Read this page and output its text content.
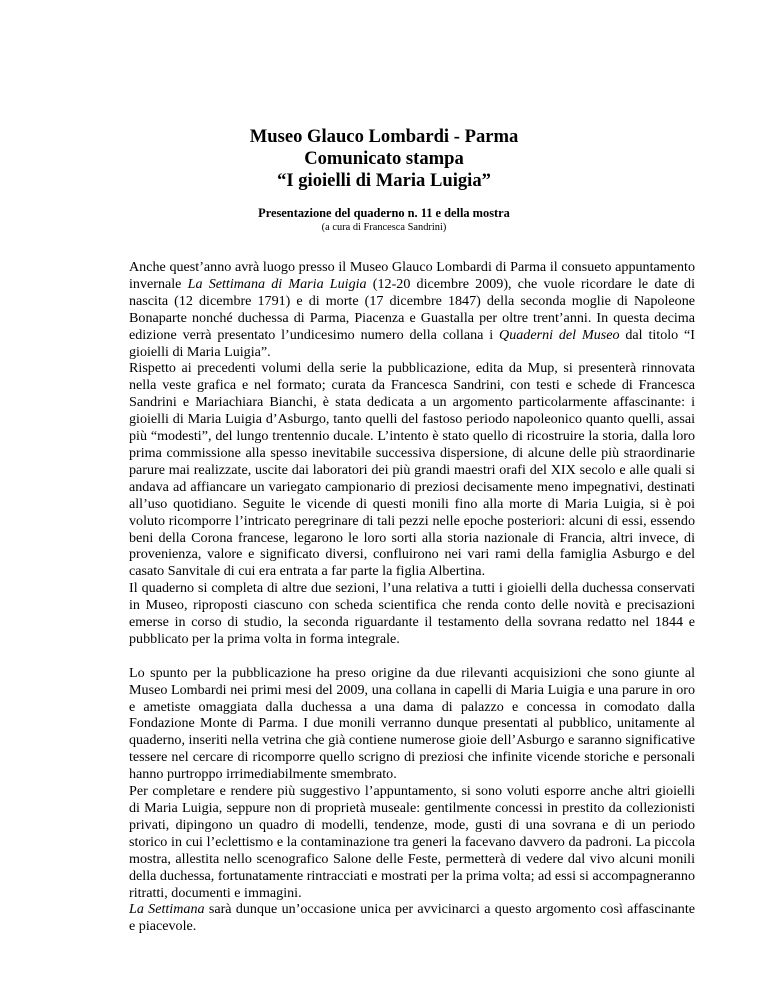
Museo Glauco Lombardi - Parma

Comunicato stampa

“I gioielli di Maria Luigia”

Presentazione del quaderno n. 11 e della mostra

(a cura di Francesca Sandrini)

Anche quest’anno avrà luogo presso il Museo Glauco Lombardi di Parma il consueto appuntamento invernale La Settimana di Maria Luigia (12-20 dicembre 2009), che vuole ricordare le date di nascita (12 dicembre 1791) e di morte (17 dicembre 1847) della seconda moglie di Napoleone Bonaparte nonché duchessa di Parma, Piacenza e Guastalla per oltre trent’anni. In questa decima edizione verrà presentato l’undicesimo numero della collana i Quaderni del Museo dal titolo “I gioielli di Maria Luigia”.

Rispetto ai precedenti volumi della serie la pubblicazione, edita da Mup, si presenterà rinnovata nella veste grafica e nel formato; curata da Francesca Sandrini, con testi e schede di Francesca Sandrini e Mariachiara Bianchi, è stata dedicata a un argomento particolarmente affascinante: i gioielli di Maria Luigia d’Asburgo, tanto quelli del fastoso periodo napoleonico quanto quelli, assai più “modesti”, del lungo trentennio ducale. L’intento è stato quello di ricostruire la storia, dalla loro prima commissione alla spesso inevitabile successiva dispersione, di alcune delle più straordinarie parure mai realizzate, uscite dai laboratori dei più grandi maestri orafi del XIX secolo e alle quali si andava ad affiancare un variegato campionario di preziosi decisamente meno impegnativi, destinati all’uso quotidiano. Seguite le vicende di questi monili fino alla morte di Maria Luigia, si è poi voluto ricomporre l’intricato peregrinare di tali pezzi nelle epoche posteriori: alcuni di essi, essendo beni della Corona francese, legarono le loro sorti alla storia nazionale di Francia, altri invece, di provenienza, valore e significato diversi, confluirono nei vari rami della famiglia Asburgo e del casato Sanvitale di cui era entrata a far parte la figlia Albertina.

Il quaderno si completa di altre due sezioni, l’una relativa a tutti i gioielli della duchessa conservati in Museo, riproposti ciascuno con scheda scientifica che renda conto delle novità e precisazioni emerse in corso di studio, la seconda riguardante il testamento della sovrana redatto nel 1844 e pubblicato per la prima volta in forma integrale.

Lo spunto per la pubblicazione ha preso origine da due rilevanti acquisizioni che sono giunte al Museo Lombardi nei primi mesi del 2009, una collana in capelli di Maria Luigia e una parure in oro e ametiste omaggiata dalla duchessa a una dama di palazzo e concessa in comodato dalla Fondazione Monte di Parma. I due monili verranno dunque presentati al pubblico, unitamente al quaderno, inseriti nella vetrina che già contiene numerose gioie dell’Asburgo e saranno significative tessere nel cercare di ricomporre quello scrigno di preziosi che infinite vicende storiche e personali hanno purtroppo irrimediabilmente smembrato.

Per completare e rendere più suggestivo l’appuntamento, si sono voluti esporre anche altri gioielli di Maria Luigia, seppure non di proprietà museale: gentilmente concessi in prestito da collezionisti privati, dipingono un quadro di modelli, tendenze, mode, gusti di una sovrana e di un periodo storico in cui l’eclettismo e la contaminazione tra generi la facevano davvero da padroni. La piccola mostra, allestita nello scenografico Salone delle Feste, permetterà di vedere dal vivo alcuni monili della duchessa, fortunatamente rintracciati e mostrati per la prima volta; ad essi si accompagneranno ritratti, documenti e immagini.

La Settimana sarà dunque un’occasione unica per avvicinarci a questo argomento così affascinante e piacevole.
